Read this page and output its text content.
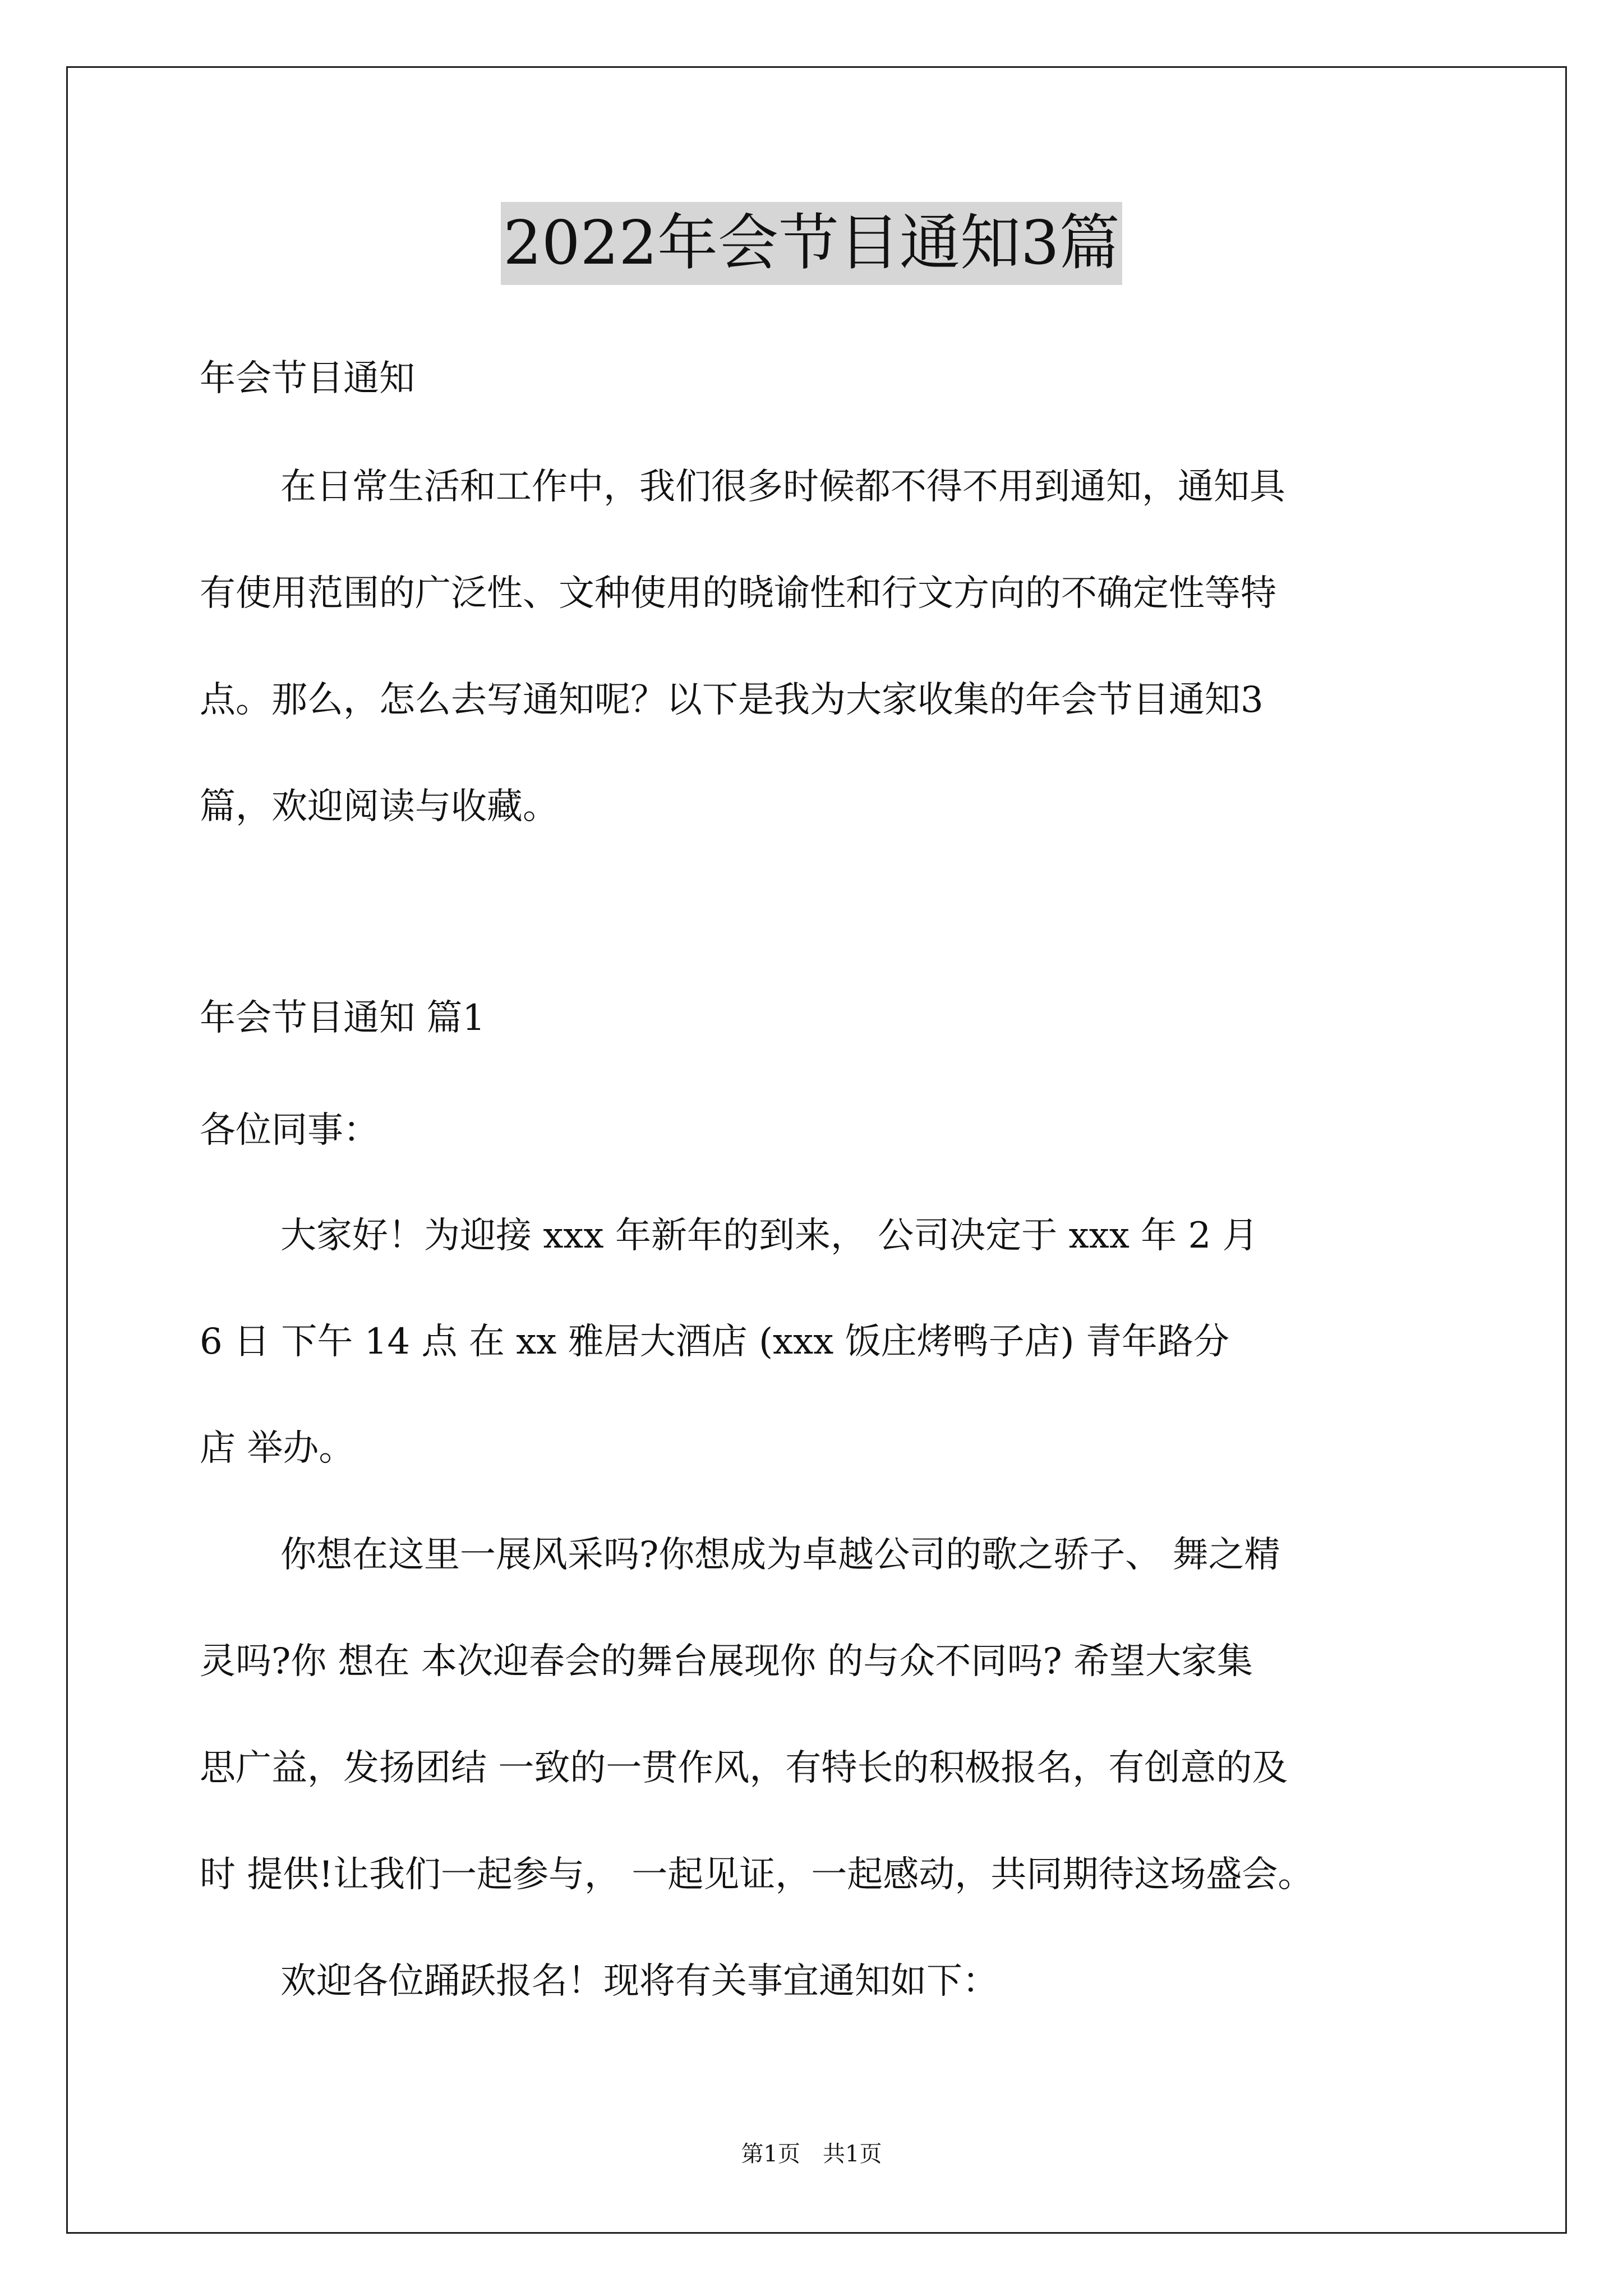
2022年会节目通知3篇
年会节目通知
在日常生活和工作中，我们很多时候都不得不用到通知，通知具
有使用范围的广泛性、文种使用的晓谕性和行文方向的不确定性等特
点。那么，怎么去写通知呢？以下是我为大家收集的年会节目通知3
篇，欢迎阅读与收藏。
年会节目通知 篇1
各位同事：
大家好！为迎接 xxx 年新年的到来， 公司决定于 xxx 年 2 月
6 日 下午 14 点 在 xx 雅居大酒店 (xxx 饭庄烤鸭子店) 青年路分
店 举办。
你想在这里一展风采吗?你想成为卓越公司的歌之骄子、 舞之精
灵吗?你 想在 本次迎春会的舞台展现你 的与众不同吗? 希望大家集
思广益，发扬团结 一致的一贯作风，有特长的积极报名，有创意的及
时 提供!让我们一起参与， 一起见证，一起感动，共同期待这场盛会。
欢迎各位踊跃报名！现将有关事宜通知如下：
第1页　共1页
